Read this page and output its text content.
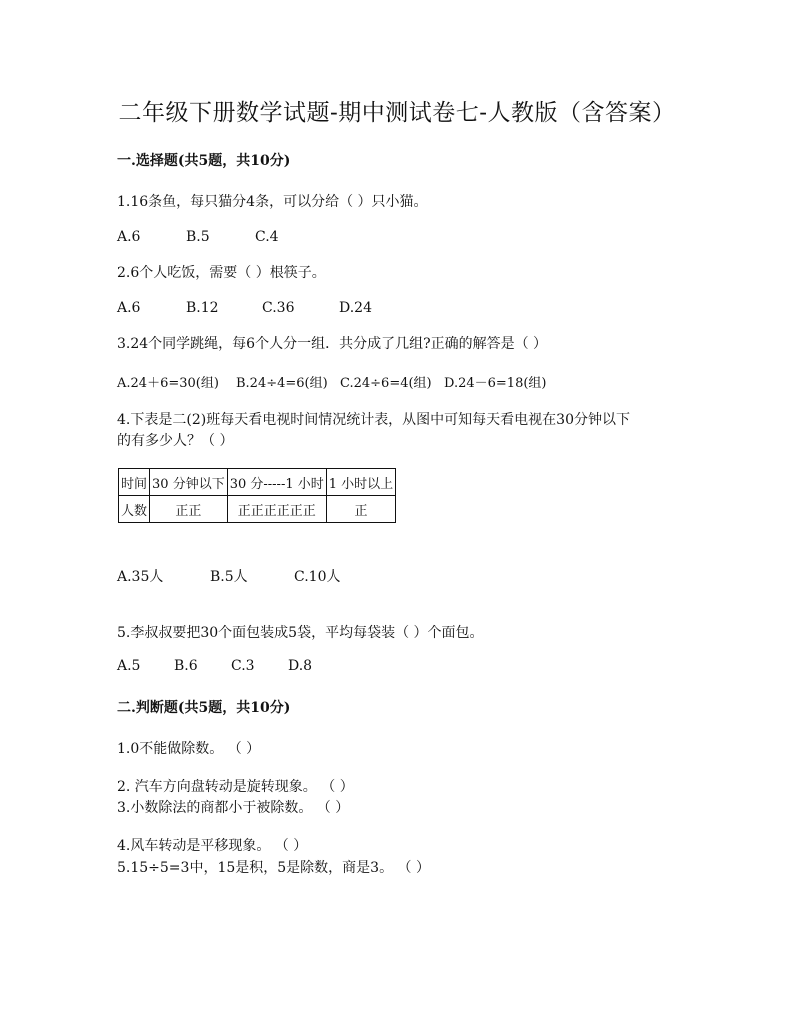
二年级下册数学试题-期中测试卷七-人教版（含答案）
一.选择题(共5题，共10分)
1.16条鱼，每只猫分4条，可以分给（ ）只小猫。
A.6	B.5	C.4
2.6个人吃饭，需要（ ）根筷子。
A.6	B.12	C.36	D.24
3.24个同学跳绳，每6个人分一组．共分成了几组?正确的解答是（ ）
A.24＋6=30(组) B.24÷4=6(组) C.24÷6=4(组) D.24－6=18(组)
4.下表是二(2)班每天看电视时间情况统计表，从图中可知每天看电视在30分钟以下
的有多少人？（ ）
时间	30 分钟以下	30 分-----1 小时	1 小时以上
人数	正正	正正正正正正	正
A.35人	B.5人	C.10人
5.李叔叔要把30个面包装成5袋，平均每袋装（ ）个面包。
A.5 B.6 C.3 D.8
二.判断题(共5题，共10分)
1.0不能做除数。 （ ）
2. 汽车方向盘转动是旋转现象。 （ ）
3.小数除法的商都小于被除数。 （ ）
4.风车转动是平移现象。 （ ）
5.15÷5=3中，15是积，5是除数，商是3。 （ ）
